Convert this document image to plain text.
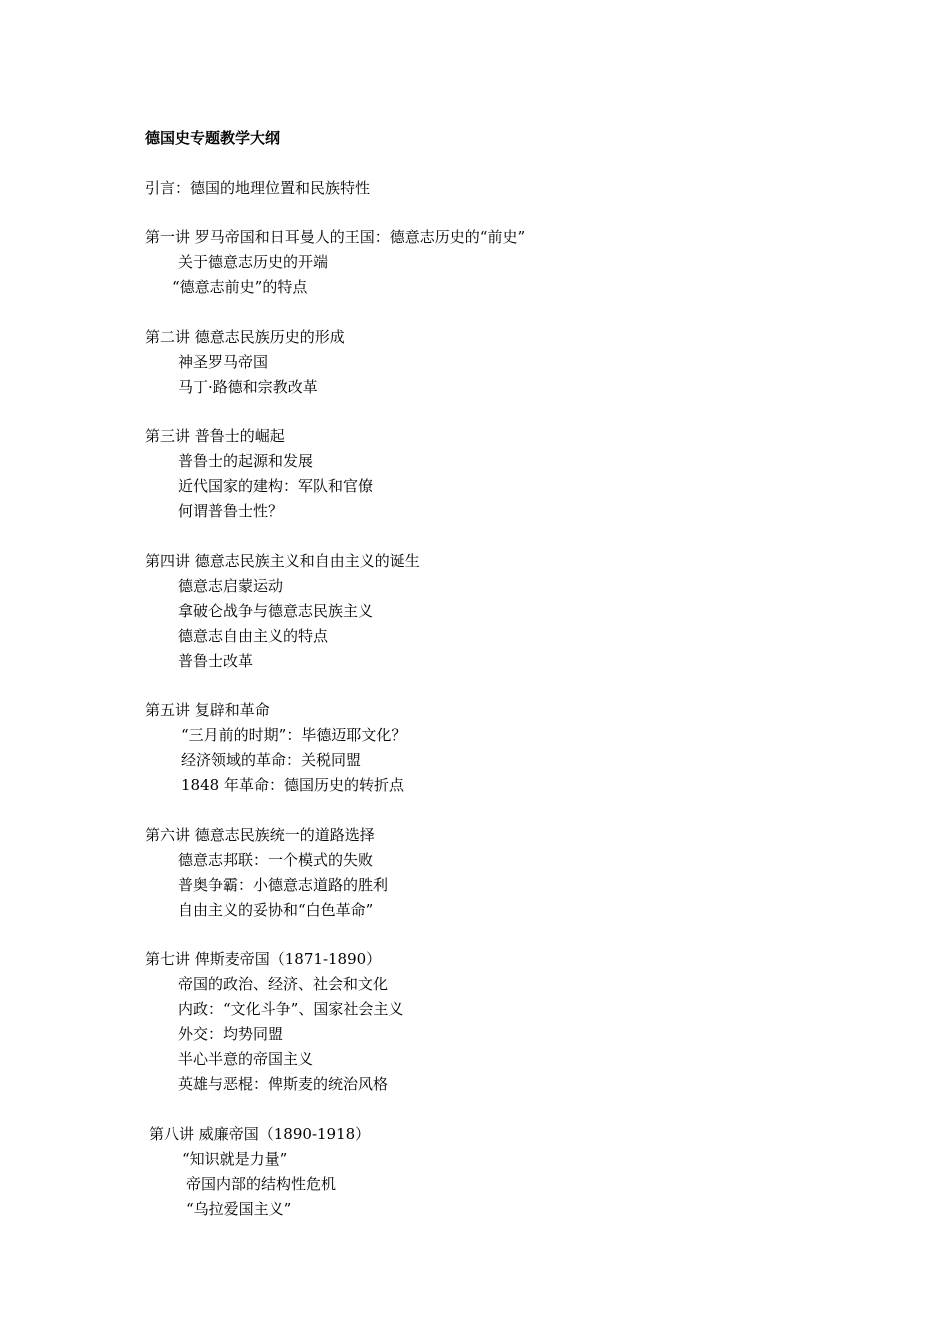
德国史专题教学大纲
引言：德国的地理位置和民族特性
第一讲 罗马帝国和日耳曼人的王国：德意志历史的“前史”
关于德意志历史的开端
“德意志前史”的特点
第二讲 德意志民族历史的形成
神圣罗马帝国
马丁·路德和宗教改革
第三讲 普鲁士的崛起
普鲁士的起源和发展
近代国家的建构：军队和官僚
何谓普鲁士性？
第四讲 德意志民族主义和自由主义的诞生
德意志启蒙运动
拿破仑战争与德意志民族主义
德意志自由主义的特点
普鲁士改革
第五讲 复辟和革命
“三月前的时期”：毕德迈耶文化？
经济领域的革命：关税同盟
1848 年革命：德国历史的转折点
第六讲 德意志民族统一的道路选择
德意志邦联：一个模式的失败
普奥争霸：小德意志道路的胜利
自由主义的妥协和“白色革命”
第七讲 俾斯麦帝国（1871-1890）
帝国的政治、经济、社会和文化
内政：“文化斗争”、国家社会主义
外交：均势同盟
半心半意的帝国主义
英雄与恶棍：俾斯麦的统治风格
第八讲 威廉帝国（1890-1918）
“知识就是力量”
帝国内部的结构性危机
“乌拉爱国主义”
